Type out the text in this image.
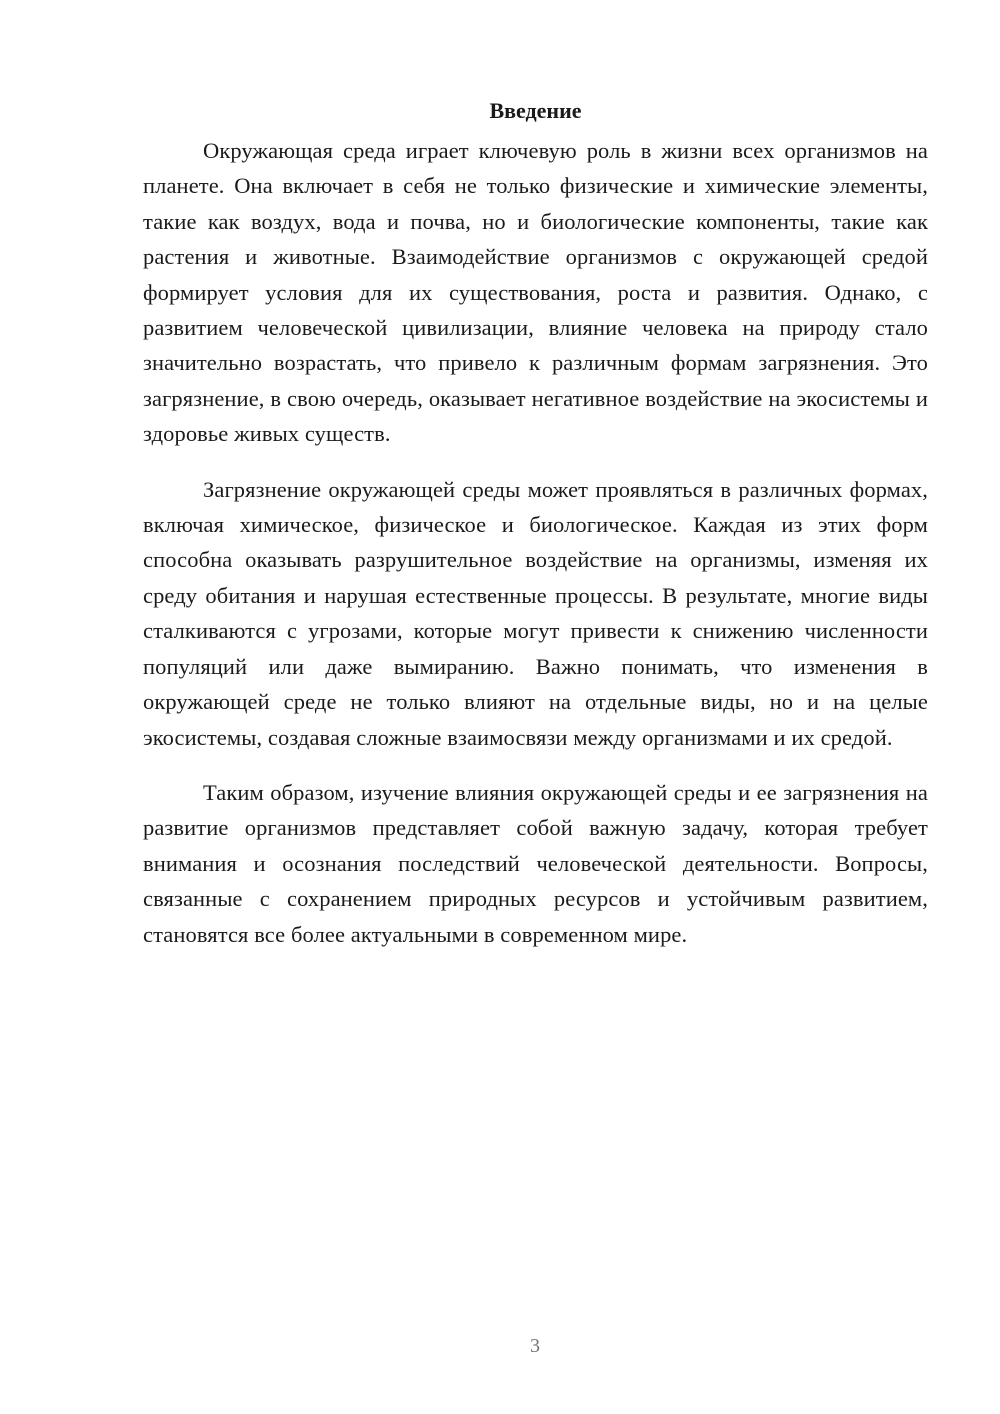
Введение

Окружающая среда играет ключевую роль в жизни всех организмов на планете. Она включает в себя не только физические и химические элементы, такие как воздух, вода и почва, но и биологические компоненты, такие как растения и животные. Взаимодействие организмов с окружающей средой формирует условия для их существования, роста и развития. Однако, с развитием человеческой цивилизации, влияние человека на природу стало значительно возрастать, что привело к различным формам загрязнения. Это загрязнение, в свою очередь, оказывает негативное воздействие на экосистемы и здоровье живых существ.

Загрязнение окружающей среды может проявляться в различных формах, включая химическое, физическое и биологическое. Каждая из этих форм способна оказывать разрушительное воздействие на организмы, изменяя их среду обитания и нарушая естественные процессы. В результате, многие виды сталкиваются с угрозами, которые могут привести к снижению численности популяций или даже вымиранию. Важно понимать, что изменения в окружающей среде не только влияют на отдельные виды, но и на целые экосистемы, создавая сложные взаимосвязи между организмами и их средой.

Таким образом, изучение влияния окружающей среды и ее загрязнения на развитие организмов представляет собой важную задачу, которая требует внимания и осознания последствий человеческой деятельности. Вопросы, связанные с сохранением природных ресурсов и устойчивым развитием, становятся все более актуальными в современном мире.

3
